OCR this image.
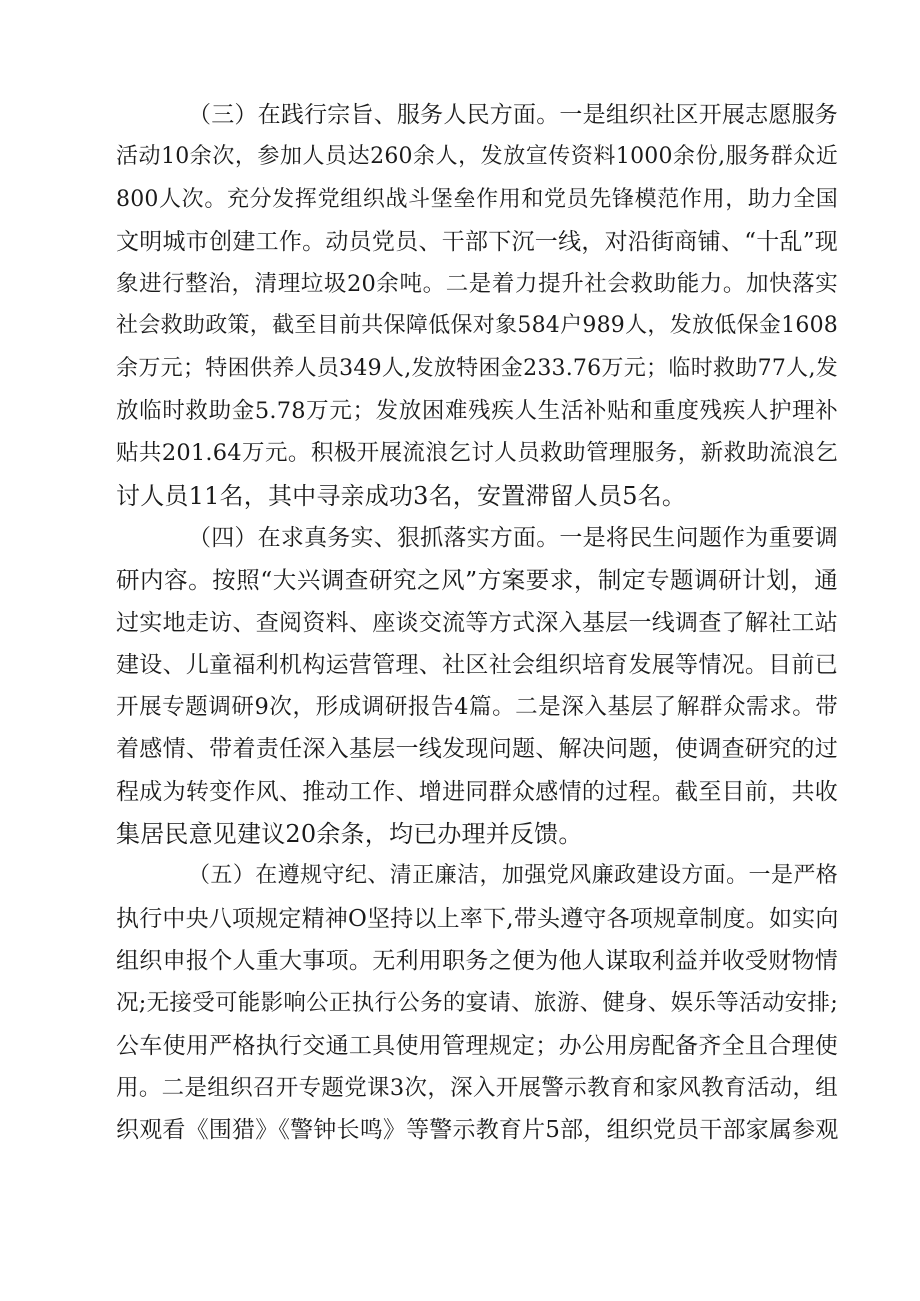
（三）在践行宗旨、服务人民方面。一是组织社区开展志愿服务
活动10余次，参加人员达260余人，发放宣传资料1000余份,服务群众近
800人次。充分发挥党组织战斗堡垒作用和党员先锋模范作用，助力全国
文明城市创建工作。动员党员、干部下沉一线，对沿街商铺、“十乱”现
象进行整治，清理垃圾20余吨。二是着力提升社会救助能力。加快落实
社会救助政策，截至目前共保障低保对象584户989人，发放低保金1608
余万元；特困供养人员349人,发放特困金233.76万元；临时救助77人,发
放临时救助金5.78万元；发放困难残疾人生活补贴和重度残疾人护理补
贴共201.64万元。积极开展流浪乞讨人员救助管理服务，新救助流浪乞
讨人员11名，其中寻亲成功3名，安置滞留人员5名。
（四）在求真务实、狠抓落实方面。一是将民生问题作为重要调
研内容。按照“大兴调查研究之风”方案要求，制定专题调研计划，通
过实地走访、查阅资料、座谈交流等方式深入基层一线调查了解社工站
建设、儿童福利机构运营管理、社区社会组织培育发展等情况。目前已
开展专题调研9次，形成调研报告4篇。二是深入基层了解群众需求。带
着感情、带着责任深入基层一线发现问题、解决问题，使调查研究的过
程成为转变作风、推动工作、增进同群众感情的过程。截至目前，共收
集居民意见建议20余条，均已办理并反馈。
（五）在遵规守纪、清正廉洁，加强党风廉政建设方面。一是严格
执行中央八项规定精神O坚持以上率下,带头遵守各项规章制度。如实向
组织申报个人重大事项。无利用职务之便为他人谋取利益并收受财物情
况;无接受可能影响公正执行公务的宴请、旅游、健身、娱乐等活动安排;
公车使用严格执行交通工具使用管理规定；办公用房配备齐全且合理使
用。二是组织召开专题党课3次，深入开展警示教育和家风教育活动，组
织观看《围猎》《警钟长鸣》等警示教育片5部，组织党员干部家属参观
